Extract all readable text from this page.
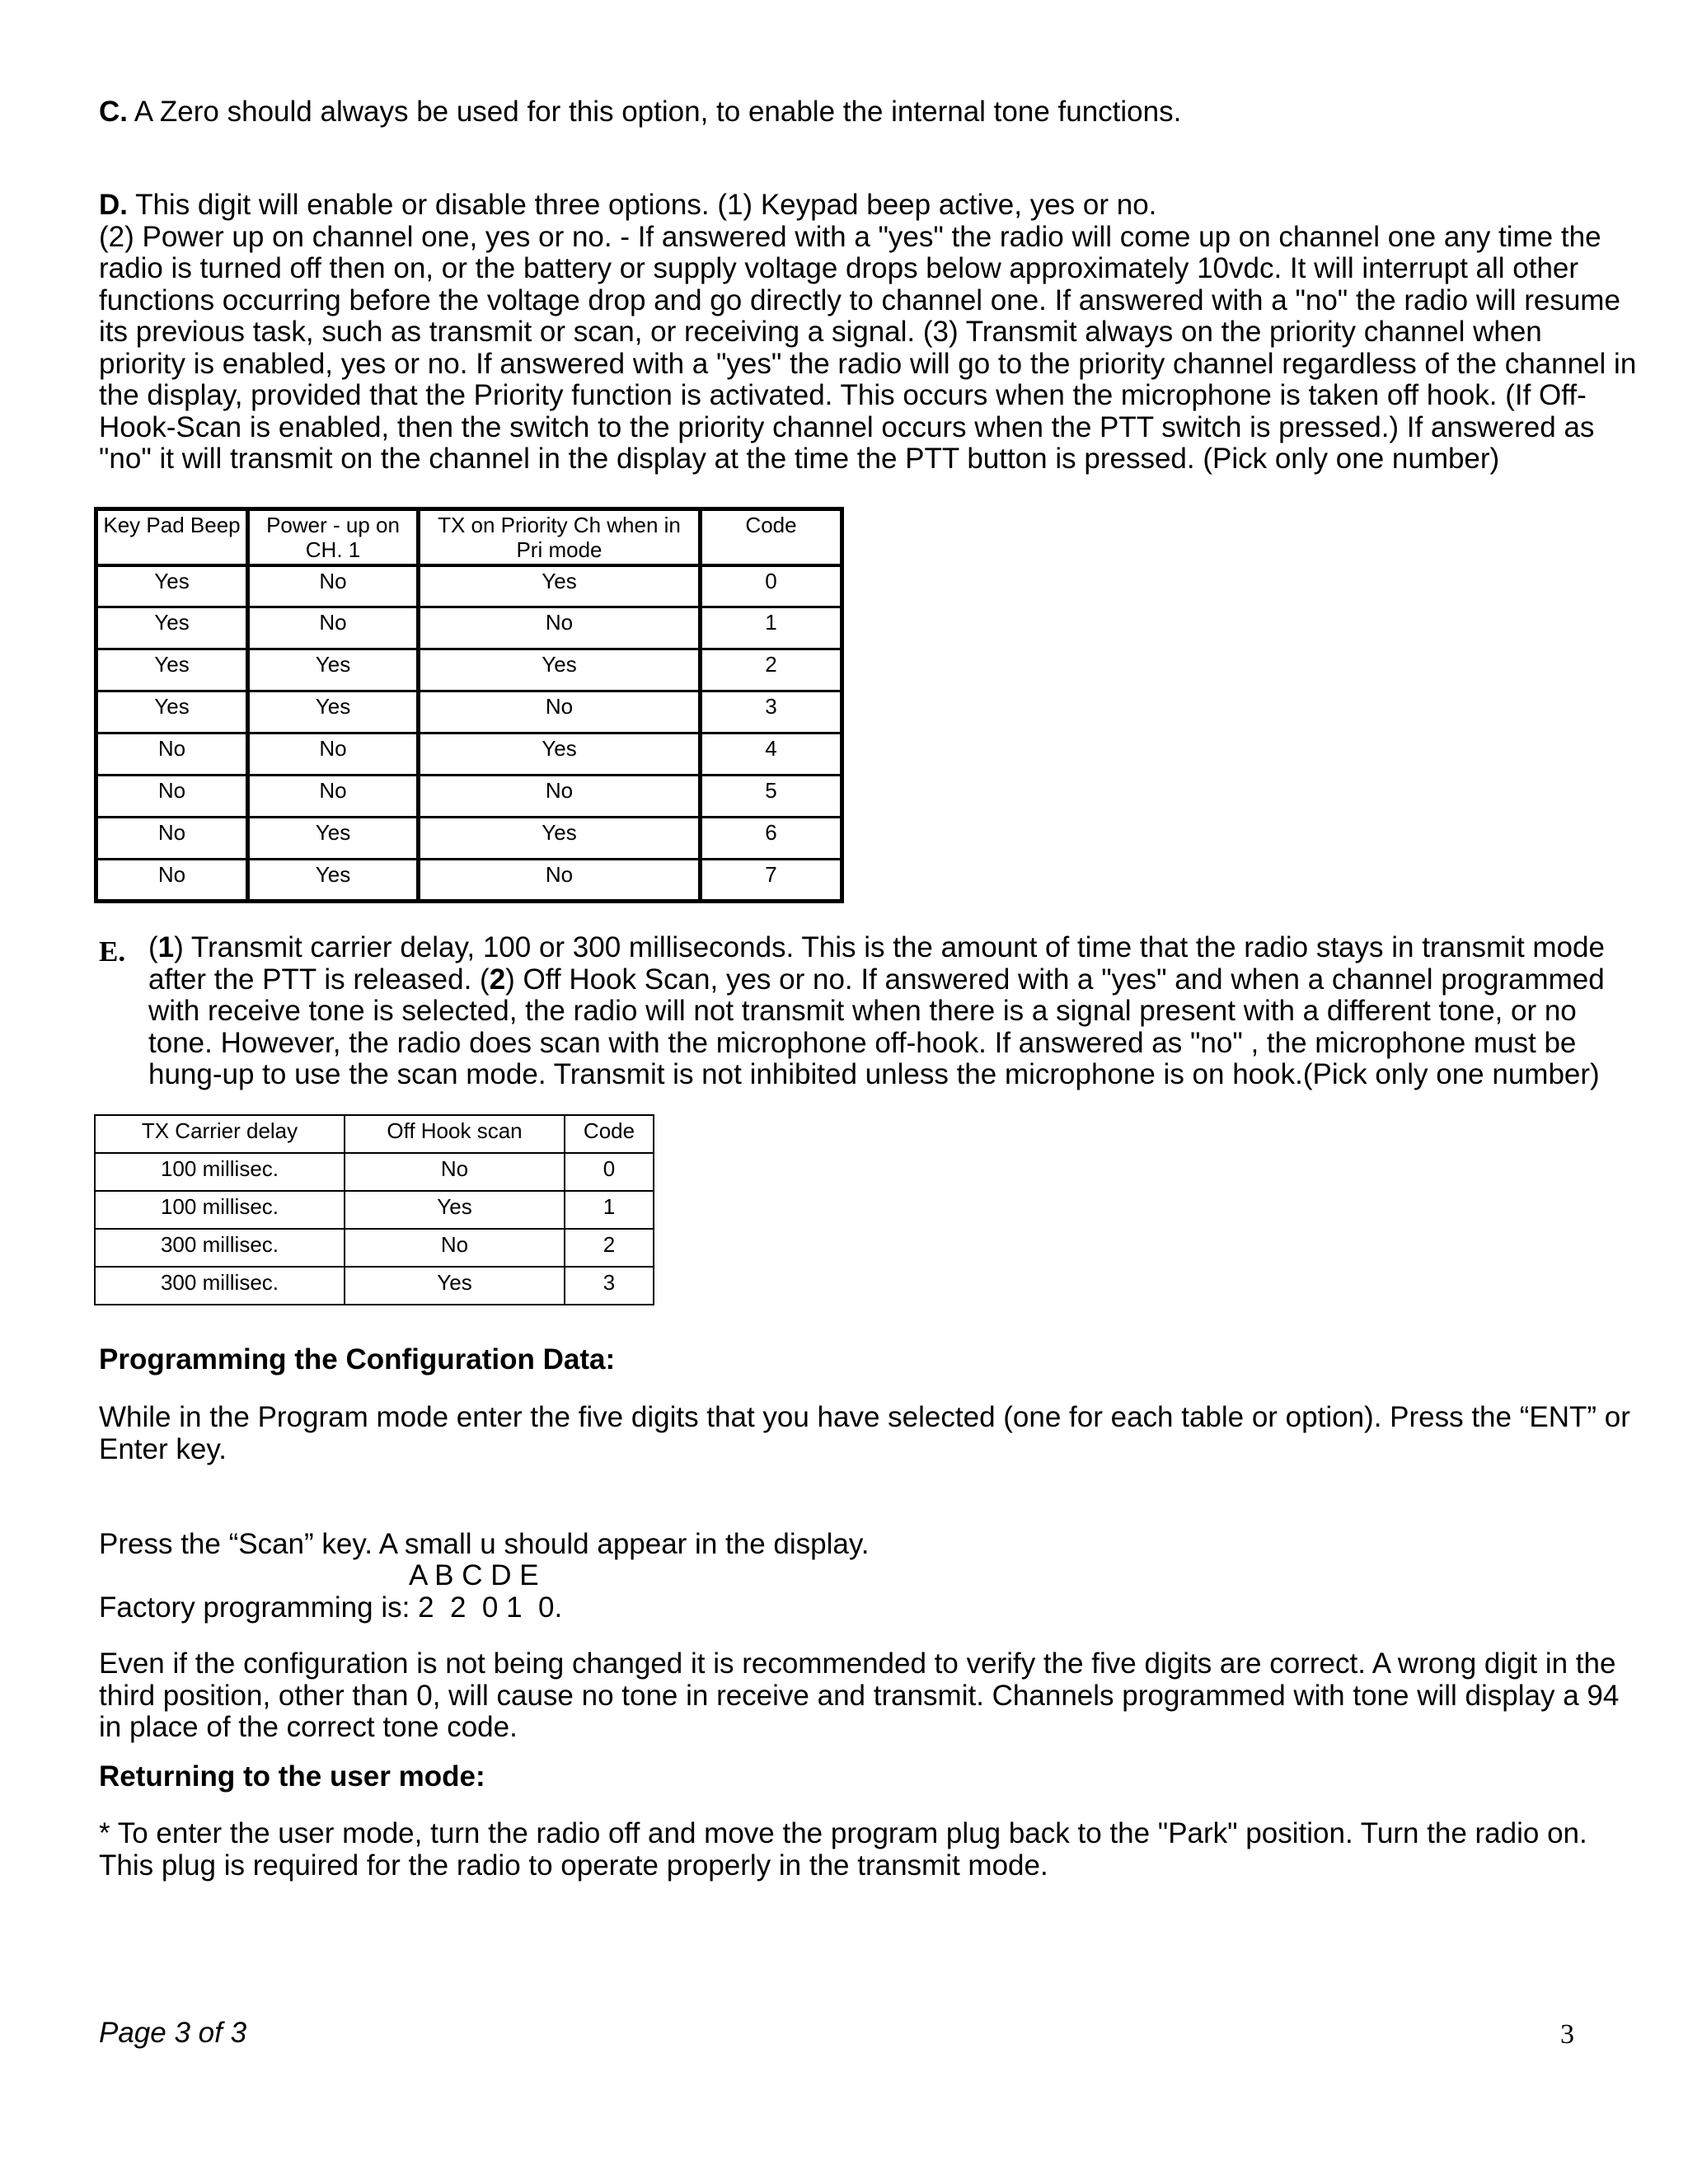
C. A Zero should always be used for this option, to enable the internal tone functions.
D. This digit will enable or disable three options. (1) Keypad beep active, yes or no.
(2) Power up on channel one, yes or no. - If answered with a "yes" the radio will come up on channel one any time the
radio is turned off then on, or the battery or supply voltage drops below approximately 10vdc. It will interrupt all other
functions occurring before the voltage drop and go directly to channel one. If answered with a "no" the radio will resume
its previous task, such as transmit or scan, or receiving a signal. (3) Transmit always on the priority channel when
priority is enabled, yes or no. If answered with a "yes" the radio will go to the priority channel regardless of the channel in
the display, provided that the Priority function is activated. This occurs when the microphone is taken off hook. (If Off-
Hook-Scan is enabled, then the switch to the priority channel occurs when the PTT switch is pressed.) If answered as
"no" it will transmit on the channel in the display at the time the PTT button is pressed. (Pick only one number)
Key Pad Beep	Power - up on CH. 1	TX on Priority Ch when in Pri mode	Code
Yes	No	Yes	0
Yes	No	No	1
Yes	Yes	Yes	2
Yes	Yes	No	3
No	No	Yes	4
No	No	No	5
No	Yes	Yes	6
No	Yes	No	7
E. (1) Transmit carrier delay, 100 or 300 milliseconds. This is the amount of time that the radio stays in transmit mode
after the PTT is released. (2) Off Hook Scan, yes or no. If answered with a "yes" and when a channel programmed
with receive tone is selected, the radio will not transmit when there is a signal present with a different tone, or no
tone. However, the radio does scan with the microphone off-hook. If answered as "no" , the microphone must be
hung-up to use the scan mode. Transmit is not inhibited unless the microphone is on hook.(Pick only one number)
TX Carrier delay	Off Hook scan	Code
100 millisec.	No	0
100 millisec.	Yes	1
300 millisec.	No	2
300 millisec.	Yes	3
Programming the Configuration Data:
While in the Program mode enter the five digits that you have selected (one for each table or option). Press the “ENT” or
Enter key.
Press the “Scan” key. A small u should appear in the display.
A B C D E
Factory programming is: 2  2  0 1  0.
Even if the configuration is not being changed it is recommended to verify the five digits are correct. A wrong digit in the
third position, other than 0, will cause no tone in receive and transmit. Channels programmed with tone will display a 94
in place of the correct tone code.
Returning to the user mode:
* To enter the user mode, turn the radio off and move the program plug back to the "Park" position. Turn the radio on.
This plug is required for the radio to operate properly in the transmit mode.
Page 3 of 3	3
